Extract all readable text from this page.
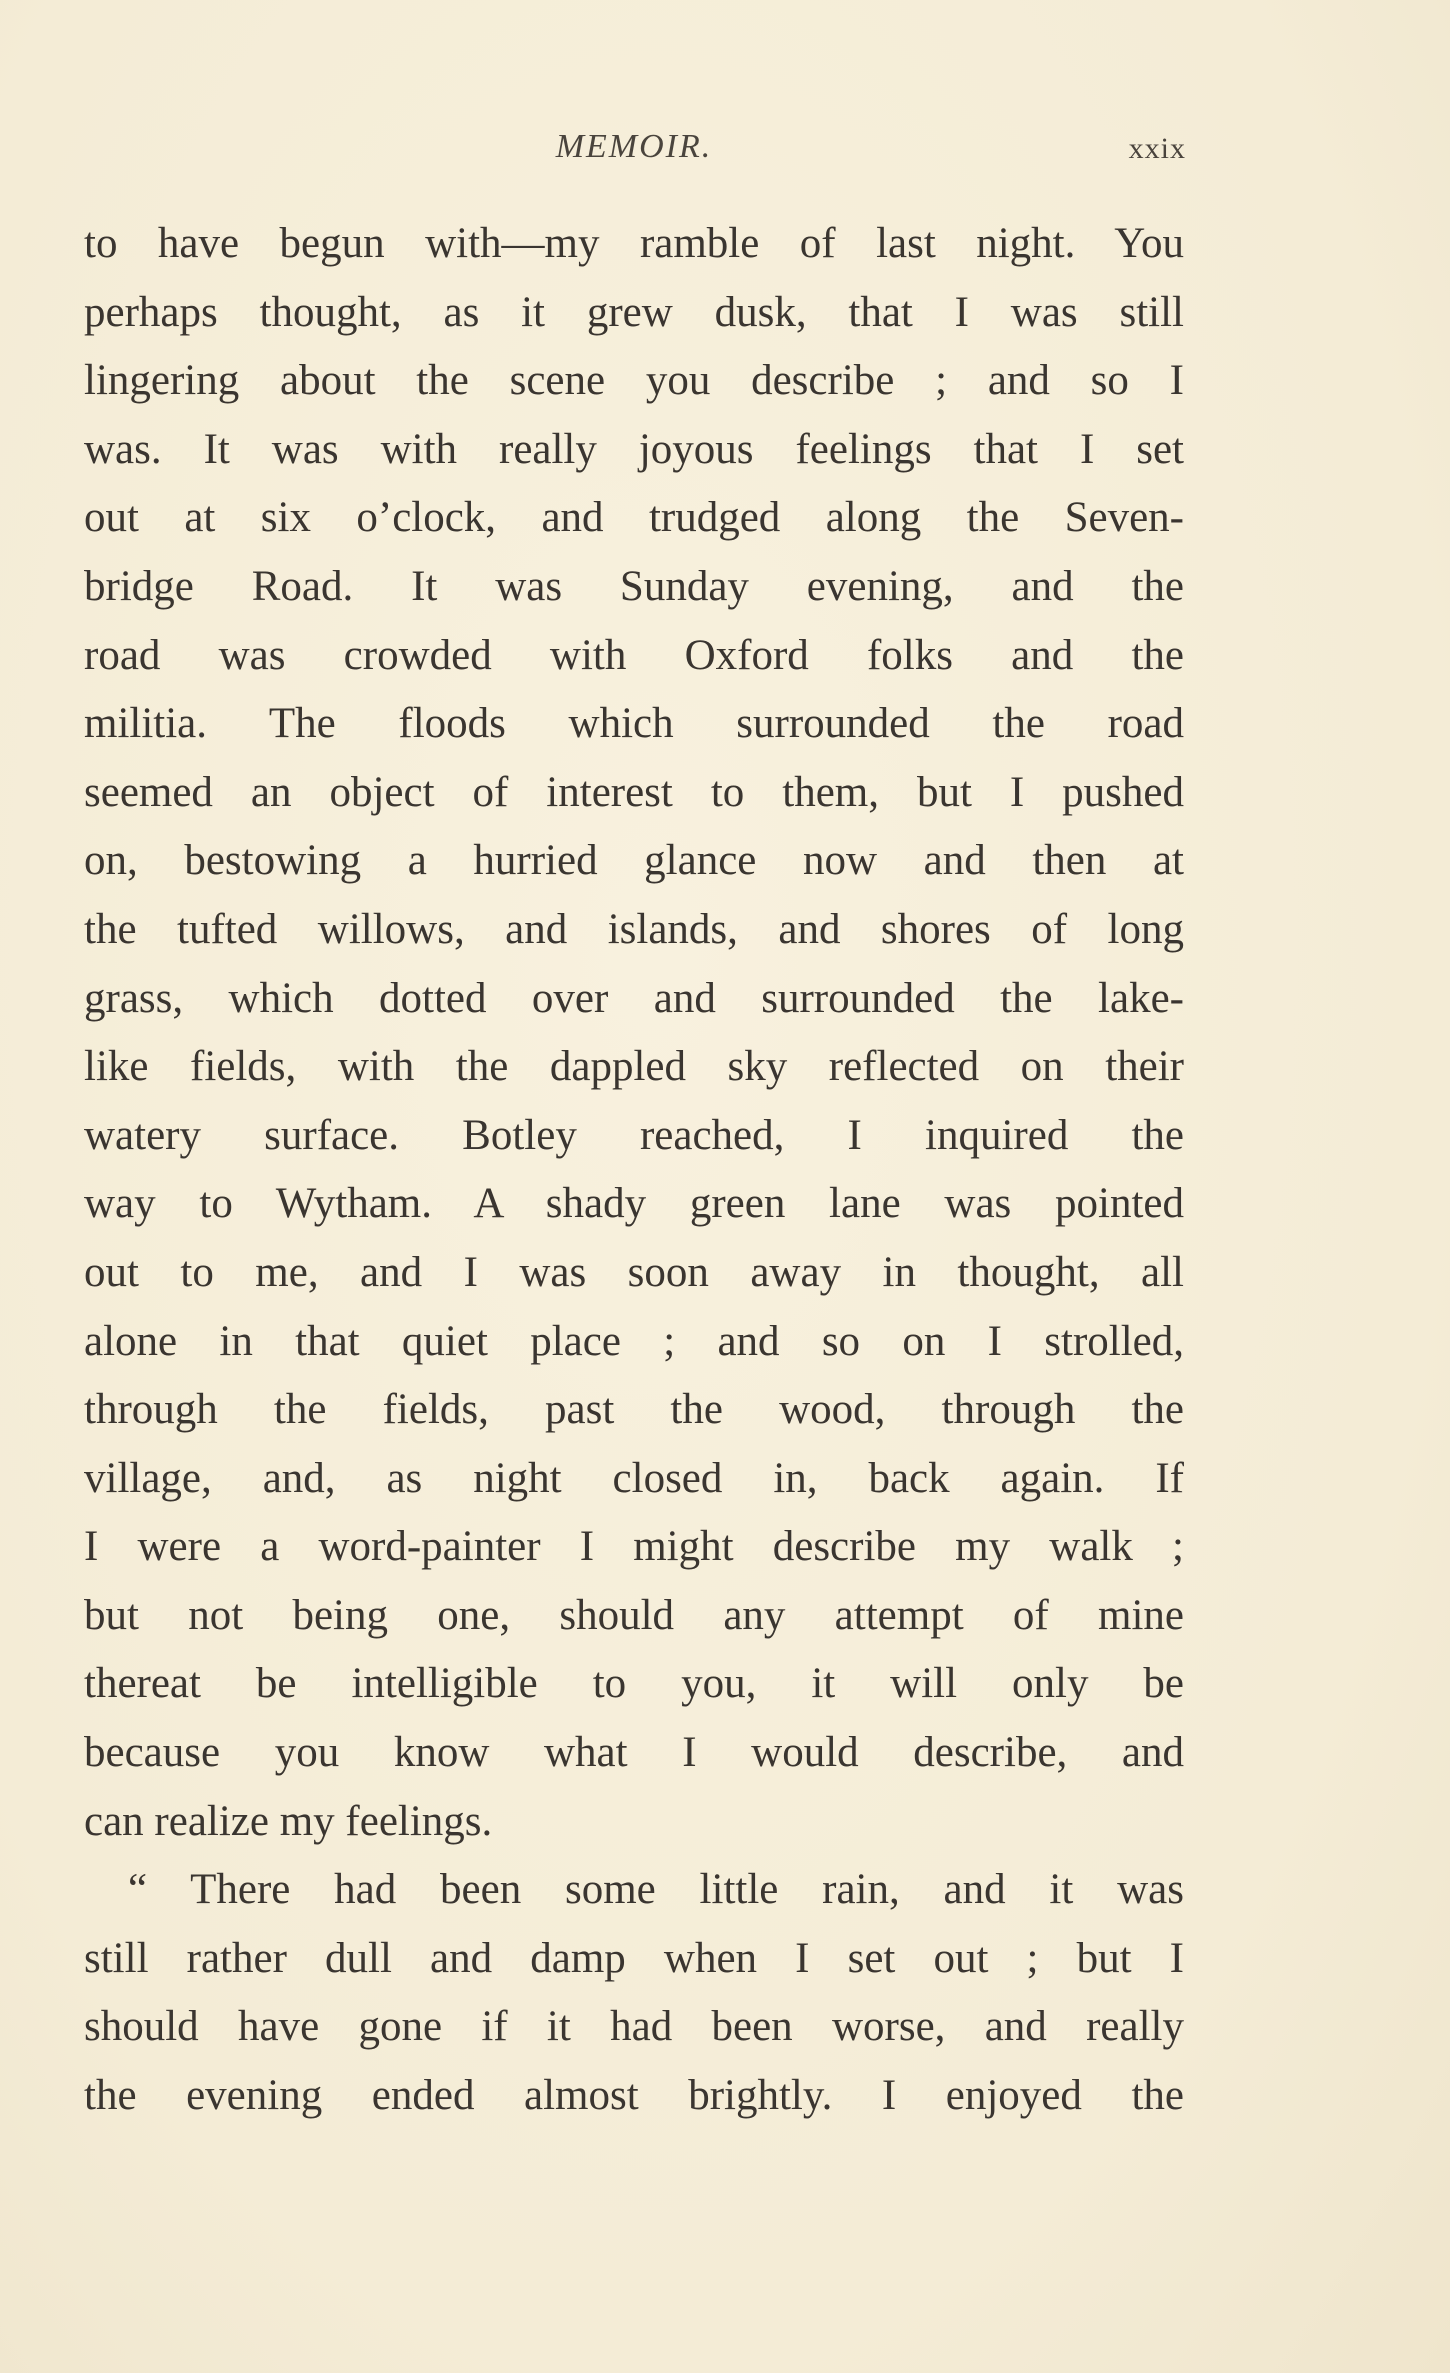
MEMOIR.	xxix
to have begun with—my ramble of last night. You
perhaps thought, as it grew dusk, that I was still
lingering about the scene you describe ; and so I
was. It was with really joyous feelings that I set
out at six o’clock, and trudged along the Seven-
bridge Road. It was Sunday evening, and the
road was crowded with Oxford folks and the
militia. The floods which surrounded the road
seemed an object of interest to them, but I pushed
on, bestowing a hurried glance now and then at
the tufted willows, and islands, and shores of long
grass, which dotted over and surrounded the lake-
like fields, with the dappled sky reflected on their
watery surface. Botley reached, I inquired the
way to Wytham. A shady green lane was pointed
out to me, and I was soon away in thought, all
alone in that quiet place ; and so on I strolled,
through the fields, past the wood, through the
village, and, as night closed in, back again. If
I were a word-painter I might describe my walk ;
but not being one, should any attempt of mine
thereat be intelligible to you, it will only be
because you know what I would describe, and
can realize my feelings.
“ There had been some little rain, and it was
still rather dull and damp when I set out ; but I
should have gone if it had been worse, and really
the evening ended almost brightly. I enjoyed the
